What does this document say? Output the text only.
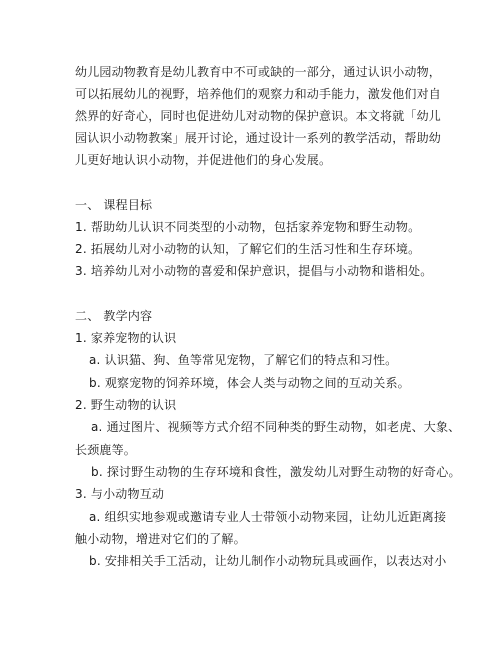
幼儿园动物教育是幼儿教育中不可或缺的一部分，通过认识小动物，
可以拓展幼儿的视野，培养他们的观察力和动手能力，激发他们对自
然界的好奇心，同时也促进幼儿对动物的保护意识。本文将就「幼儿
园认识小动物教案」展开讨论，通过设计一系列的教学活动，帮助幼
儿更好地认识小动物，并促进他们的身心发展。
一、 课程目标
1. 帮助幼儿认识不同类型的小动物，包括家养宠物和野生动物。
2. 拓展幼儿对小动物的认知，了解它们的生活习性和生存环境。
3. 培养幼儿对小动物的喜爱和保护意识，提倡与小动物和谐相处。
二、 教学内容
1. 家养宠物的认识
a. 认识猫、狗、鱼等常见宠物，了解它们的特点和习性。
b. 观察宠物的饲养环境，体会人类与动物之间的互动关系。
2. 野生动物的认识
a. 通过图片、视频等方式介绍不同种类的野生动物，如老虎、大象、
长颈鹿等。
b. 探讨野生动物的生存环境和食性，激发幼儿对野生动物的好奇心。
3. 与小动物互动
a. 组织实地参观或邀请专业人士带领小动物来园，让幼儿近距离接
触小动物，增进对它们的了解。
b. 安排相关手工活动，让幼儿制作小动物玩具或画作，以表达对小
